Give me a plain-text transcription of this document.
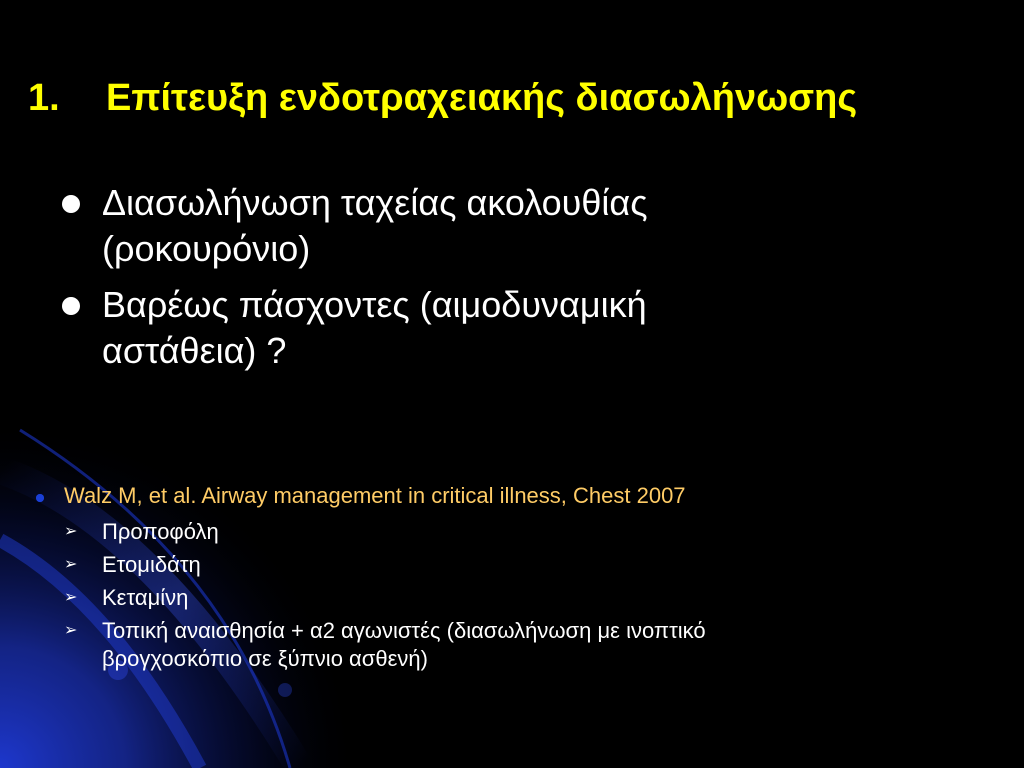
1. Επίτευξη ενδοτραχειακής διασωλήνωσης
Διασωλήνωση ταχείας ακολουθίας
(ροκουρόνιο)
Βαρέως πάσχοντες (αιμοδυναμική
αστάθεια) ?
Walz M, et al. Airway management in critical illness, Chest 2007
➢ Προποφόλη
➢ Ετομιδάτη
➢ Κεταμίνη
➢ Τοπική αναισθησία + α2 αγωνιστές (διασωλήνωση με ινοπτικό
βρογχοσκόπιο σε ξύπνιο ασθενή)
